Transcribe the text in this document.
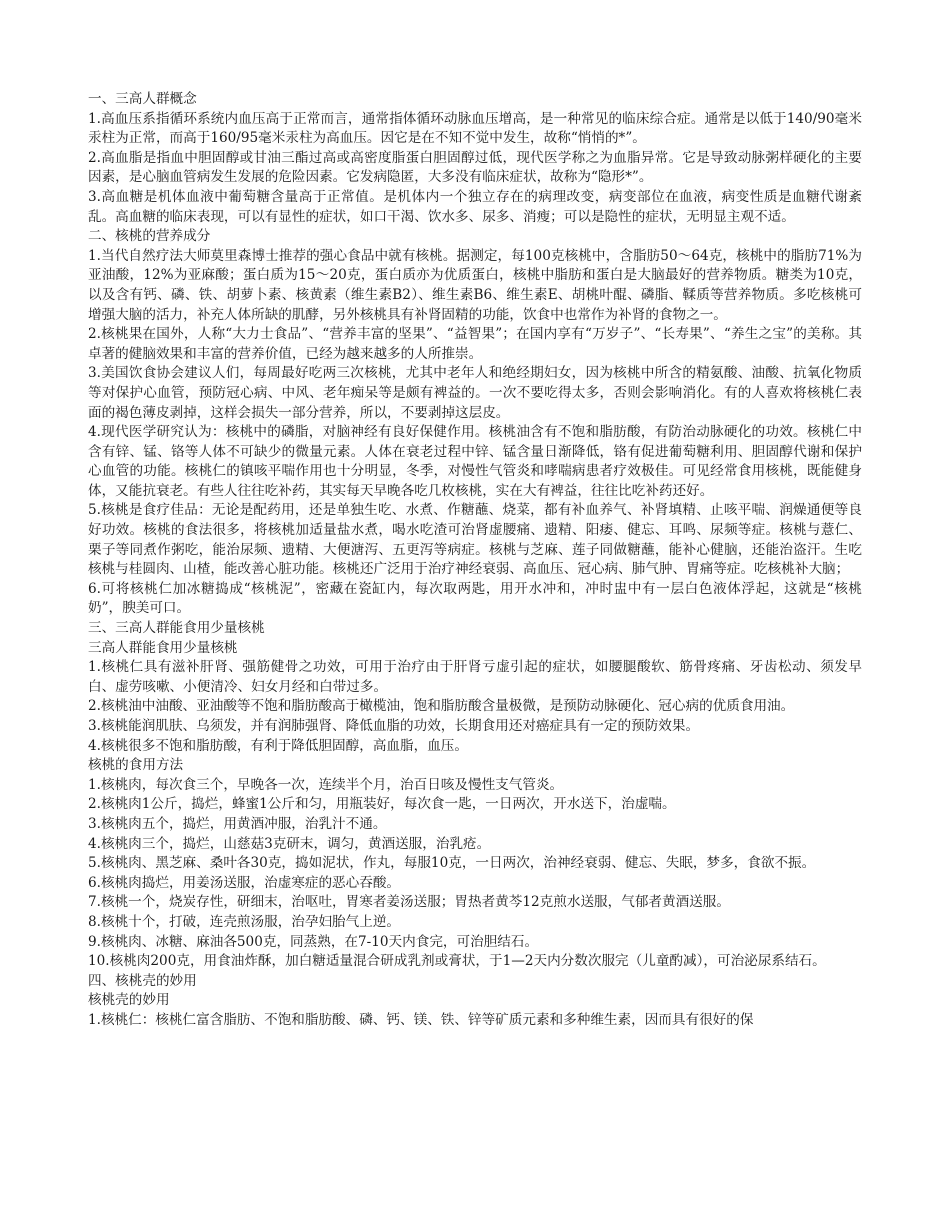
一、三高人群概念

1.高血压系指循环系统内血压高于正常而言，通常指体循环动脉血压增高，是一种常见的临床综合症。通常是以低于140/90毫米汞柱为正常，而高于160/95毫米汞柱为高血压。因它是在不知不觉中发生，故称“悄悄的*”。

2.高血脂是指血中胆固醇或甘油三酯过高或高密度脂蛋白胆固醇过低，现代医学称之为血脂异常。它是导致动脉粥样硬化的主要因素，是心脑血管病发生发展的危险因素。它发病隐匿，大多没有临床症状，故称为“隐形*”。

3.高血糖是机体血液中葡萄糖含量高于正常值。是机体内一个独立存在的病理改变，病变部位在血液，病变性质是血糖代谢紊乱。高血糖的临床表现，可以有显性的症状，如口干渴、饮水多、尿多、消瘦；可以是隐性的症状，无明显主观不适。

二、核桃的营养成分

1.当代自然疗法大师莫里森博士推荐的强心食品中就有核桃。据测定，每100克核桃中，含脂肪50～64克，核桃中的脂肪71%为亚油酸，12%为亚麻酸；蛋白质为15～20克，蛋白质亦为优质蛋白，核桃中脂肪和蛋白是大脑最好的营养物质。糖类为10克，以及含有钙、磷、铁、胡萝卜素、核黄素（维生素B2）、维生素B6、维生素E、胡桃叶醌、磷脂、鞣质等营养物质。多吃核桃可增强大脑的活力，补充人体所缺的肌酵，另外核桃具有补肾固精的功能，饮食中也常作为补肾的食物之一。

2.核桃果在国外，人称“大力士食品”、“营养丰富的坚果”、“益智果”；在国内享有“万岁子”、“长寿果”、“养生之宝”的美称。其卓著的健脑效果和丰富的营养价值，已经为越来越多的人所推崇。

3.美国饮食协会建议人们，每周最好吃两三次核桃，尤其中老年人和绝经期妇女，因为核桃中所含的精氨酸、油酸、抗氧化物质等对保护心血管，预防冠心病、中风、老年痴呆等是颇有裨益的。一次不要吃得太多，否则会影响消化。有的人喜欢将核桃仁表面的褐色薄皮剥掉，这样会损失一部分营养，所以，不要剥掉这层皮。

4.现代医学研究认为：核桃中的磷脂，对脑神经有良好保健作用。核桃油含有不饱和脂肪酸，有防治动脉硬化的功效。核桃仁中含有锌、锰、铬等人体不可缺少的微量元素。人体在衰老过程中锌、锰含量日渐降低，铬有促进葡萄糖利用、胆固醇代谢和保护心血管的功能。核桃仁的镇咳平喘作用也十分明显，冬季，对慢性气管炎和哮喘病患者疗效极佳。可见经常食用核桃，既能健身体，又能抗衰老。有些人往往吃补药，其实每天早晚各吃几枚核桃，实在大有裨益，往往比吃补药还好。

5.核桃是食疗佳品：无论是配药用，还是单独生吃、水煮、作糖蘸、烧菜，都有补血养气、补肾填精、止咳平喘、润燥通便等良好功效。核桃的食法很多，将核桃加适量盐水煮，喝水吃渣可治肾虚腰痛、遗精、阳痿、健忘、耳鸣、尿频等症。核桃与薏仁、栗子等同煮作粥吃，能治尿频、遗精、大便溏泻、五更泻等病症。核桃与芝麻、莲子同做糖蘸，能补心健脑，还能治盗汗。生吃核桃与桂圆肉、山楂，能改善心脏功能。核桃还广泛用于治疗神经衰弱、高血压、冠心病、肺气肿、胃痛等症。吃核桃补大脑；

6.可将核桃仁加冰糖捣成“核桃泥”，密藏在瓷缸内，每次取两匙，用开水冲和，冲时盅中有一层白色液体浮起，这就是“核桃奶”，腴美可口。

三、三高人群能食用少量核桃

三高人群能食用少量核桃

1.核桃仁具有滋补肝肾、强筋健骨之功效，可用于治疗由于肝肾亏虚引起的症状，如腰腿酸软、筋骨疼痛、牙齿松动、须发早白、虚劳咳嗽、小便清冷、妇女月经和白带过多。

2.核桃油中油酸、亚油酸等不饱和脂肪酸高于橄榄油，饱和脂肪酸含量极微，是预防动脉硬化、冠心病的优质食用油。

3.核桃能润肌肤、乌须发，并有润肺强肾、降低血脂的功效，长期食用还对癌症具有一定的预防效果。

4.核桃很多不饱和脂肪酸，有利于降低胆固醇，高血脂，血压。

核桃的食用方法

1.核桃肉，每次食三个，早晚各一次，连续半个月，治百日咳及慢性支气管炎。

2.核桃肉1公斤，捣烂，蜂蜜1公斤和匀，用瓶装好，每次食一匙，一日两次，开水送下，治虚喘。

3.核桃肉五个，捣烂，用黄酒冲服，治乳汁不通。

4.核桃肉三个，捣烂，山慈菇3克研末，调匀，黄酒送服，治乳疮。

5.核桃肉、黑芝麻、桑叶各30克，捣如泥状，作丸，每服10克，一日两次，治神经衰弱、健忘、失眠，梦多，食欲不振。

6.核桃肉捣烂，用姜汤送服，治虚寒症的恶心吞酸。

7.核桃一个，烧炭存性，研细末，治呕吐，胃寒者姜汤送服；胃热者黄芩12克煎水送服，气郁者黄酒送服。

8.核桃十个，打破，连壳煎汤服，治孕妇胎气上逆。

9.核桃肉、冰糖、麻油各500克，同蒸熟，在7-10天内食完，可治胆结石。

10.核桃肉200克，用食油炸酥，加白糖适量混合研成乳剂或膏状，于1—2天内分数次服完（儿童酌减），可治泌尿系结石。

四、核桃壳的妙用

核桃壳的妙用

1.核桃仁：核桃仁富含脂肪、不饱和脂肪酸、磷、钙、镁、铁、锌等矿质元素和多种维生素，因而具有很好的保
